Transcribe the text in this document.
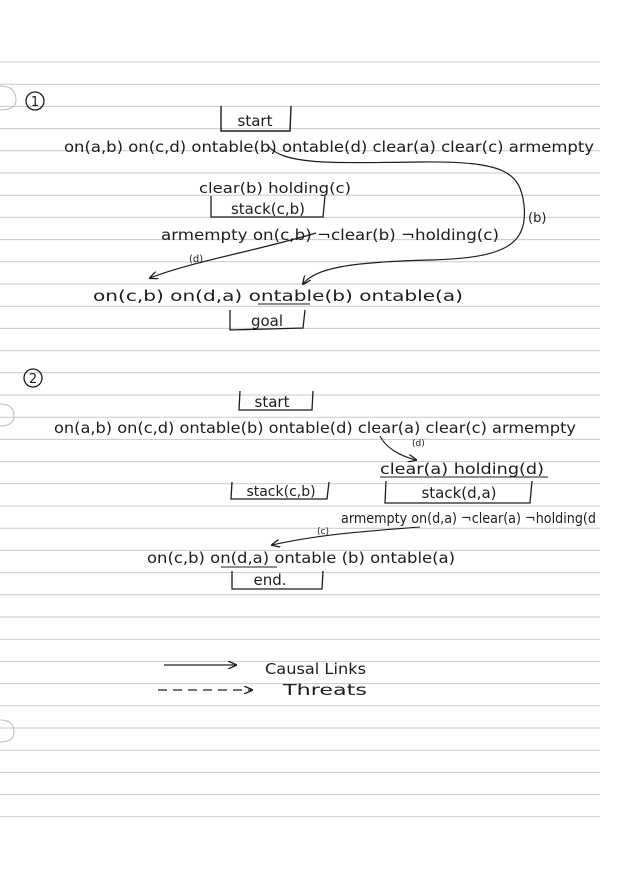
1
start
on(a,b) on(c,d) ontable(b) ontable(d) clear(a) clear(c) armempty
clear(b) holding(c)
stack(c,b)
armempty on(c,b) ¬clear(b) ¬holding(c)
(d)
(b)
on(c,b) on(d,a) ontable(b) ontable(a)
goal
2
start
on(a,b) on(c,d) ontable(b) ontable(d) clear(a) clear(c) armempty
(d)
clear(a) holding(d)
stack(c,b)	stack(d,a)
armempty on(d,a) ¬clear(a) ¬holding(d
(c)
on(c,b) on(d,a) ontable (b) ontable(a)
end.
Causal Links
Threats
